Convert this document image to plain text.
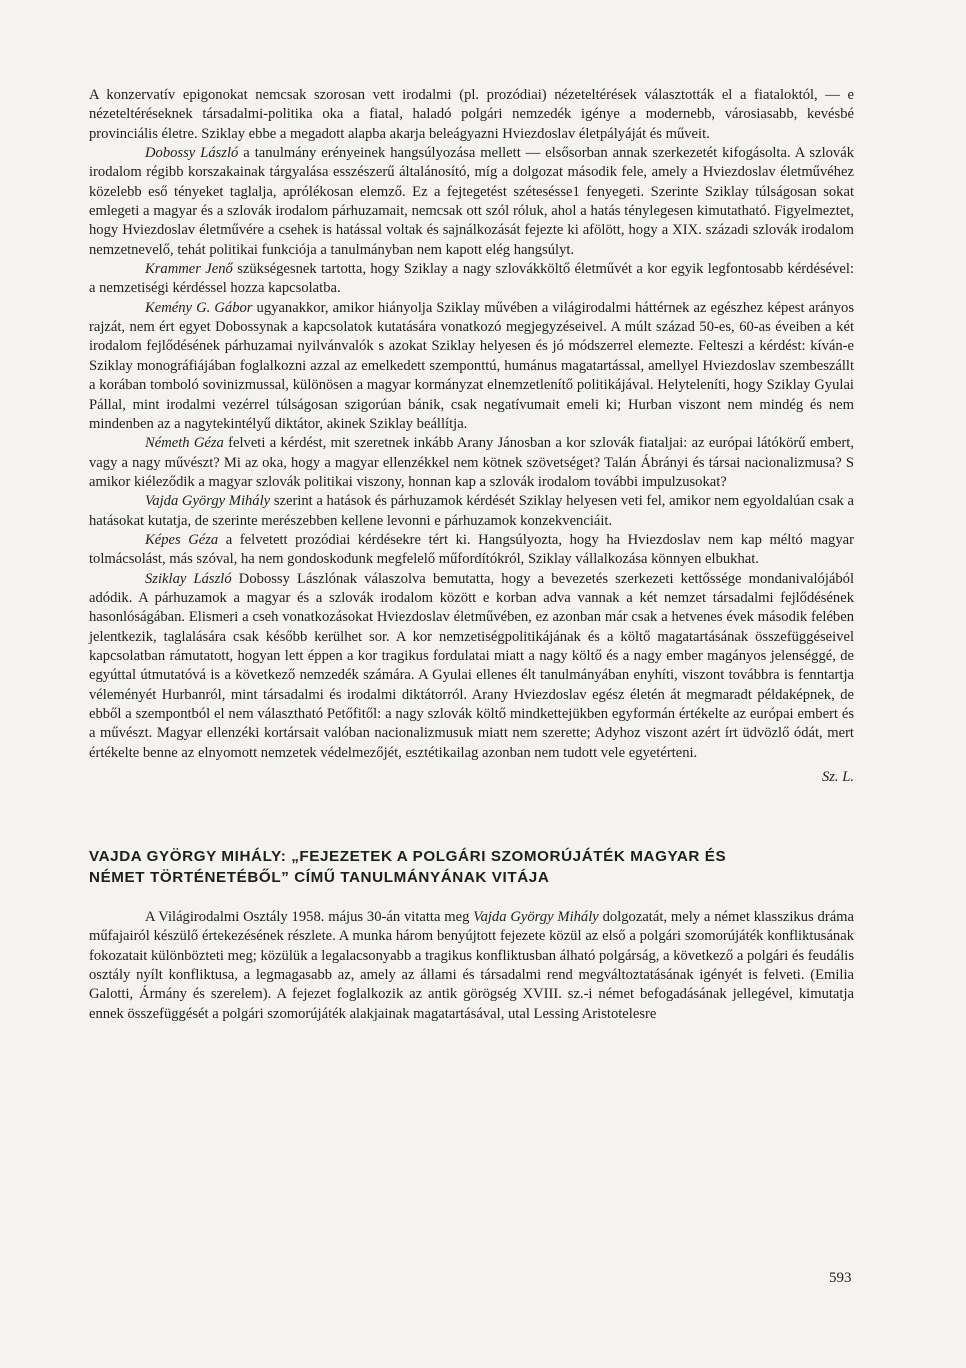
A konzervatív epigonokat nemcsak szorosan vett irodalmi (pl. prozódiai) nézeteltérések választották el a fiataloktól, — e nézeteltéréseknek társadalmi-politika oka a fiatal, haladó polgári nemzedék igénye a modernebb, városiasabb, kevésbé provinciális életre. Sziklay ebbe a megadott alapba akarja beleágyazni Hviezdoslav életpályáját és műveit.

Dobossy László a tanulmány erényeinek hangsúlyozása mellett — elsősorban annak szerkezetét kifogásolta. A szlovák irodalom régibb korszakainak tárgyalása esszészerű általánosító, míg a dolgozat második fele, amely a Hviezdoslav életművéhez közelebb eső tényeket taglalja, aprólékosan elemző. Ez a fejtegetést szétesésse1 fenyegeti. Szerinte Sziklay túlságosan sokat emlegeti a magyar és a szlovák irodalom párhuzamait, nemcsak ott szól róluk, ahol a hatás ténylegesen kimutatható. Figyelmeztet, hogy Hviezdoslav életművére a csehek is hatással voltak és sajnálkozását fejezte ki afölött, hogy a XIX. századi szlovák irodalom nemzetnevelő, tehát politikai funkciója a tanulmányban nem kapott elég hangsúlyt.

Krammer Jenő szükségesnek tartotta, hogy Sziklay a nagy szlovákköltő életművét a kor egyik legfontosabb kérdésével: a nemzetiségi kérdéssel hozza kapcsolatba.

Kemény G. Gábor ugyanakkor, amikor hiányolja Sziklay művében a világirodalmi háttérnek az egészhez képest arányos rajzát, nem ért egyet Dobossynak a kapcsolatok kutatására vonatkozó megjegyzéseivel. A múlt század 50-es, 60-as éveiben a két irodalom fejlődésének párhuzamai nyilvánvalók s azokat Sziklay helyesen és jó módszerrel elemezte. Felteszi a kérdést: kíván-e Sziklay monográfiájában foglalkozni azzal az emelkedett szemponttú, humánus magatartással, amellyel Hviezdoslav szembeszállt a korában tomboló sovinizmussal, különösen a magyar kormányzat elnemzetlenítő politikájával. Helyteleníti, hogy Sziklay Gyulai Pállal, mint irodalmi vezérrel túlságosan szigorúan bánik, csak negatívumait emeli ki; Hurban viszont nem mindég és nem mindenben az a nagytekintélyű diktátor, akinek Sziklay beállítja.

Németh Géza felveti a kérdést, mit szeretnek inkább Arany Jánosban a kor szlovák fiataljai: az európai látókörű embert, vagy a nagy művészt? Mi az oka, hogy a magyar ellenzékkel nem kötnek szövetséget? Talán Ábrányi és társai nacionalizmusa? S amikor kiéleződik a magyar szlovák politikai viszony, honnan kap a szlovák irodalom további impulzusokat?

Vajda György Mihály szerint a hatások és párhuzamok kérdését Sziklay helyesen veti fel, amikor nem egyoldalúan csak a hatásokat kutatja, de szerinte merészebben kellene levonni e párhuzamok konzekvenciáit.

Képes Géza a felvetett prozódiai kérdésekre tért ki. Hangsúlyozta, hogy ha Hviezdoslav nem kap méltó magyar tolmácsolást, más szóval, ha nem gondoskodunk megfelelő műfordítókról, Sziklay vállalkozása könnyen elbukhat.

Sziklay László Dobossy Lászlónak válaszolva bemutatta, hogy a bevezetés szerkezeti kettőssége mondanivalójából adódik. A párhuzamok a magyar és a szlovák irodalom között e korban adva vannak a két nemzet társadalmi fejlődésének hasonlóságában. Elismeri a cseh vonatkozásokat Hviezdoslav életművében, ez azonban már csak a hetvenes évek második felében jelentkezik, taglalására csak később kerülhet sor. A kor nemzetiségpolitikájának és a költő magatartásának összefüggéseivel kapcsolatban rámutatott, hogyan lett éppen a kor tragikus fordulatai miatt a nagy költő és a nagy ember magányos jelenséggé, de egyúttal útmutatóvá is a következő nemzedék számára. A Gyulai ellenes élt tanulmányában enyhíti, viszont továbbra is fenntartja véleményét Hurbanról, mint társadalmi és irodalmi diktátorról. Arany Hviezdoslav egész életén át megmaradt példaképnek, de ebből a szempontból el nem választható Petőfitől: a nagy szlovák költő mindkettejükben egyformán értékelte az európai embert és a művészt. Magyar ellenzéki kortársait valóban nacionalizmusuk miatt nem szerette; Adyhoz viszont azért írt üdvözlő ódát, mert értékelte benne az elnyomott nemzetek védelmezőjét, esztétikailag azonban nem tudott vele egyetérteni.

Sz. L.

VAJDA GYÖRGY MIHÁLY: „FEJEZETEK A POLGÁRI SZOMORÚJÁTÉK MAGYAR ÉS
NÉMET TÖRTÉNETÉBŐL” CÍMŰ TANULMÁNYÁNAK VITÁJA

A Világirodalmi Osztály 1958. május 30-án vitatta meg Vajda György Mihály dolgozatát, mely a német klasszikus dráma műfajairól készülő értekezésének részlete. A munka három benyújtott fejezete közül az első a polgári szomorújáték konfliktusának fokozatait különbözteti meg; közülük a legalacsonyabb a tragikus konfliktusban álható polgárság, a következő a polgári és feudális osztály nyílt konfliktusa, a legmagasabb az, amely az állami és társadalmi rend megváltoztatásának igényét is felveti. (Emilia Galotti, Ármány és szerelem). A fejezet foglalkozik az antik görögség XVIII. sz.-i német befogadásának jellegével, kimutatja ennek összefüggését a polgári szomorújáték alakjainak magatartásával, utal Lessing Aristotelesre

593
